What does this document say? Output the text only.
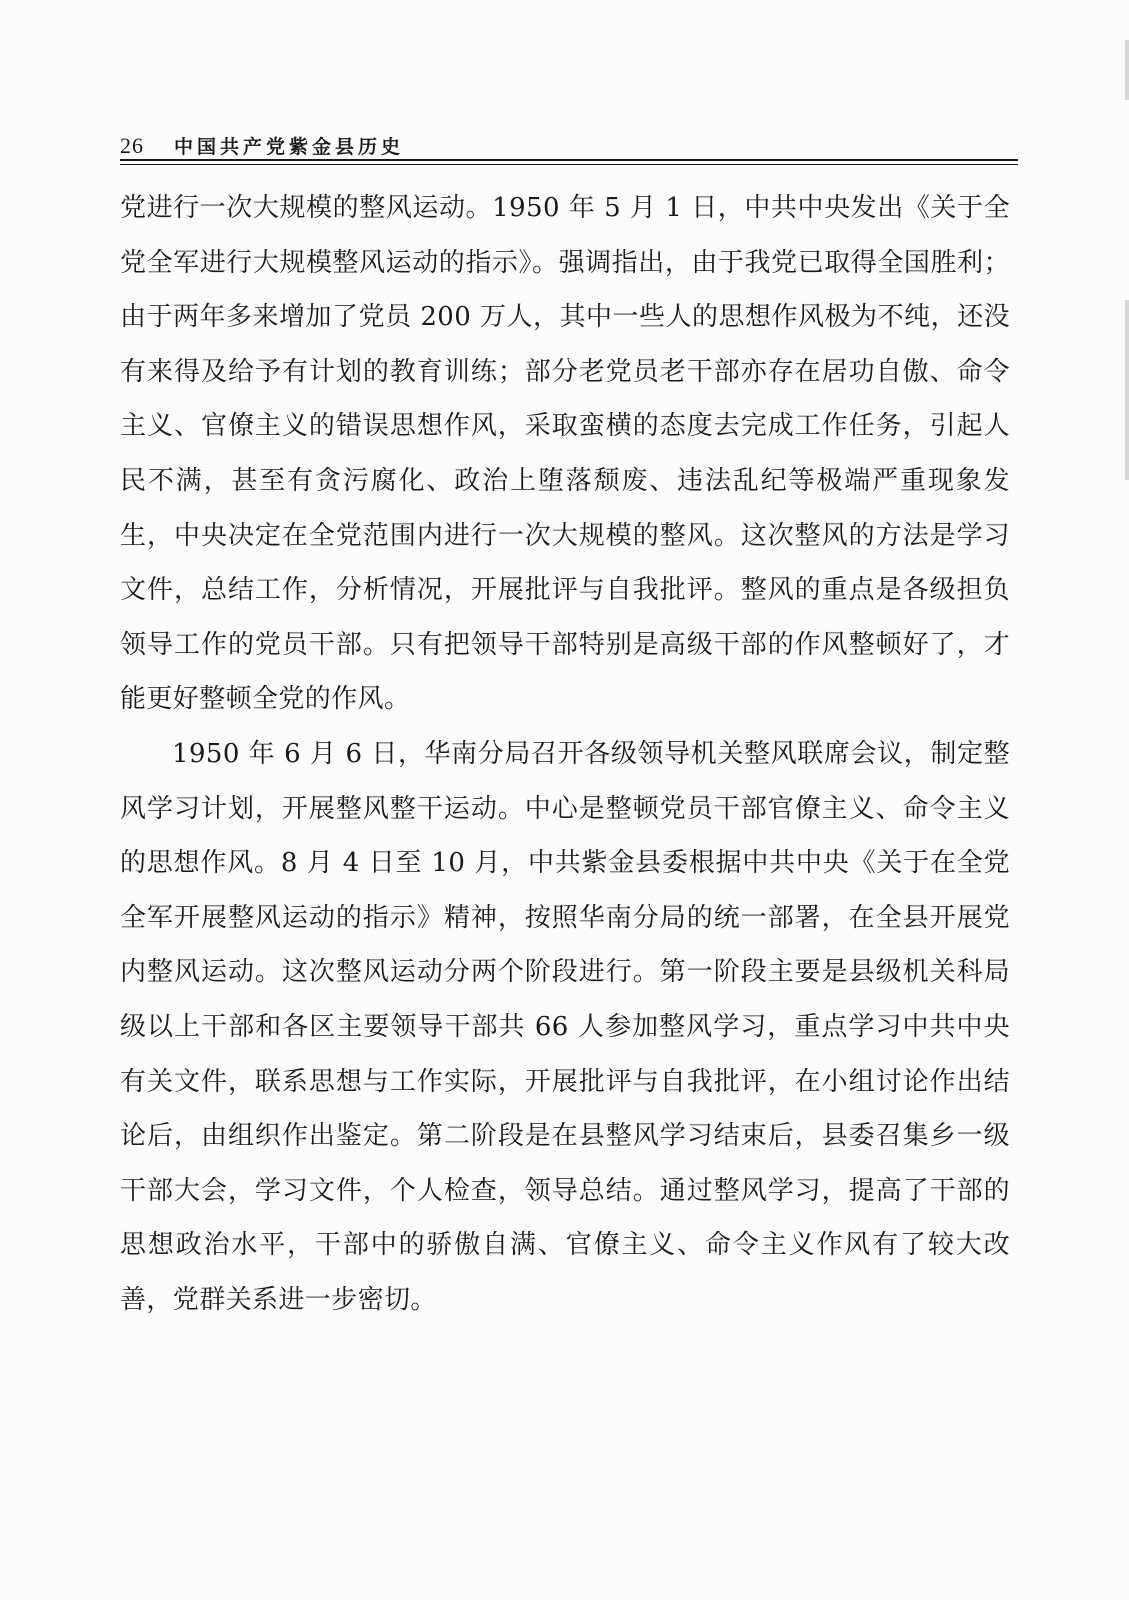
26 中国共产党紫金县历史

党进行一次大规模的整风运动。1950 年 5 月 1 日，中共中央发出《关于全党全军进行大规模整风运动的指示》。强调指出，由于我党已取得全国胜利；由于两年多来增加了党员 200 万人，其中一些人的思想作风极为不纯，还没有来得及给予有计划的教育训练；部分老党员老干部亦存在居功自傲、命令主义、官僚主义的错误思想作风，采取蛮横的态度去完成工作任务，引起人民不满，甚至有贪污腐化、政治上堕落颓废、违法乱纪等极端严重现象发生，中央决定在全党范围内进行一次大规模的整风。这次整风的方法是学习文件，总结工作，分析情况，开展批评与自我批评。整风的重点是各级担负领导工作的党员干部。只有把领导干部特别是高级干部的作风整顿好了，才能更好整顿全党的作风。

1950 年 6 月 6 日，华南分局召开各级领导机关整风联席会议，制定整风学习计划，开展整风整干运动。中心是整顿党员干部官僚主义、命令主义的思想作风。8 月 4 日至 10 月，中共紫金县委根据中共中央《关于在全党全军开展整风运动的指示》精神，按照华南分局的统一部署，在全县开展党内整风运动。这次整风运动分两个阶段进行。第一阶段主要是县级机关科局级以上干部和各区主要领导干部共 66 人参加整风学习，重点学习中共中央有关文件，联系思想与工作实际，开展批评与自我批评，在小组讨论作出结论后，由组织作出鉴定。第二阶段是在县整风学习结束后，县委召集乡一级干部大会，学习文件，个人检查，领导总结。通过整风学习，提高了干部的思想政治水平，干部中的骄傲自满、官僚主义、命令主义作风有了较大改善，党群关系进一步密切。
